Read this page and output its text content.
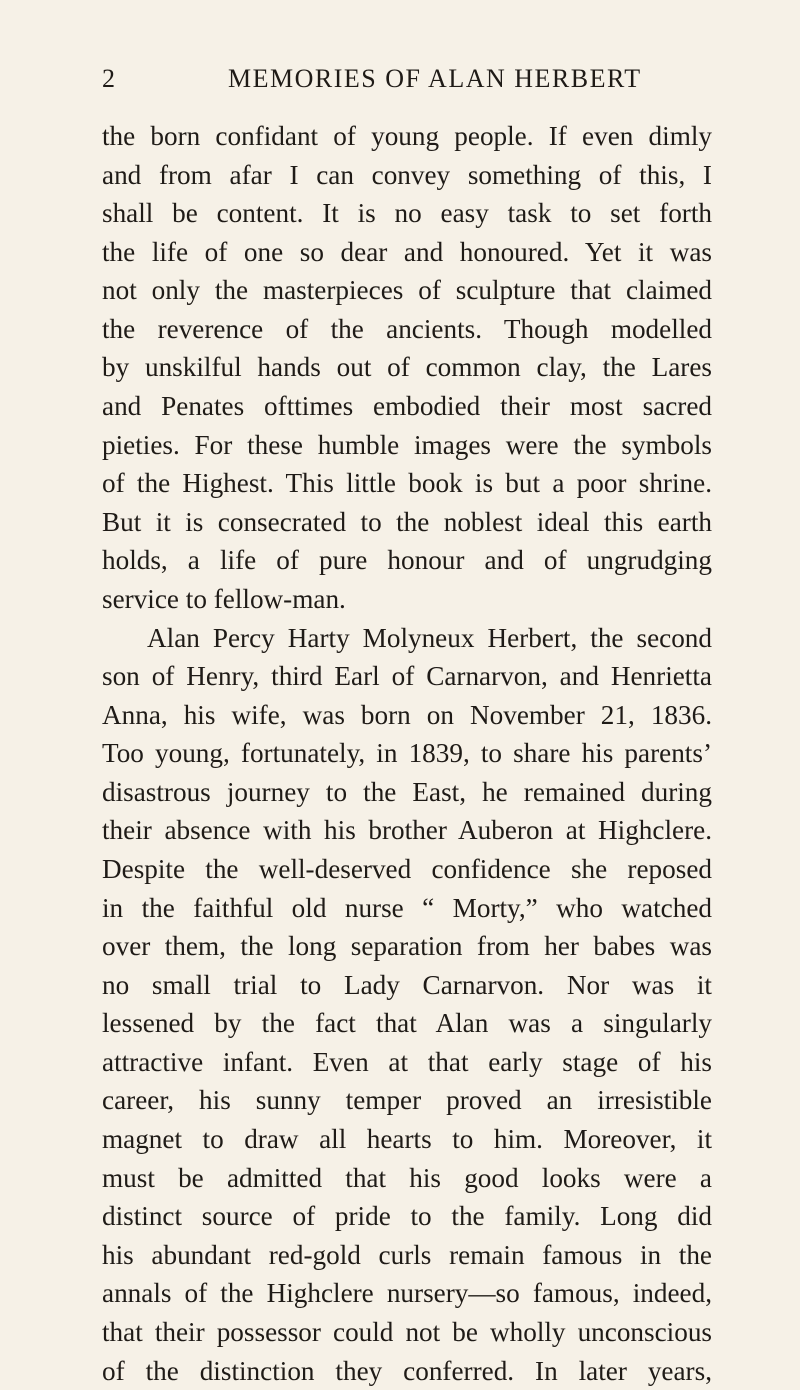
2	MEMORIES OF ALAN HERBERT
the born confidant of young people. If even dimly
and from afar I can convey something of this, I
shall be content. It is no easy task to set forth
the life of one so dear and honoured. Yet it was
not only the masterpieces of sculpture that claimed
the reverence of the ancients. Though modelled
by unskilful hands out of common clay, the Lares
and Penates ofttimes embodied their most sacred
pieties. For these humble images were the symbols
of the Highest. This little book is but a poor shrine.
But it is consecrated to the noblest ideal this earth
holds, a life of pure honour and of ungrudging
service to fellow-man.
Alan Percy Harty Molyneux Herbert, the second
son of Henry, third Earl of Carnarvon, and Henrietta
Anna, his wife, was born on November 21, 1836.
Too young, fortunately, in 1839, to share his parents’
disastrous journey to the East, he remained during
their absence with his brother Auberon at Highclere.
Despite the well-deserved confidence she reposed
in the faithful old nurse “ Morty,” who watched
over them, the long separation from her babes was
no small trial to Lady Carnarvon. Nor was it
lessened by the fact that Alan was a singularly
attractive infant. Even at that early stage of his
career, his sunny temper proved an irresistible
magnet to draw all hearts to him. Moreover, it
must be admitted that his good looks were a
distinct source of pride to the family. Long did
his abundant red-gold curls remain famous in the
annals of the Highclere nursery—so famous, indeed,
that their possessor could not be wholly unconscious
of the distinction they conferred. In later years,
